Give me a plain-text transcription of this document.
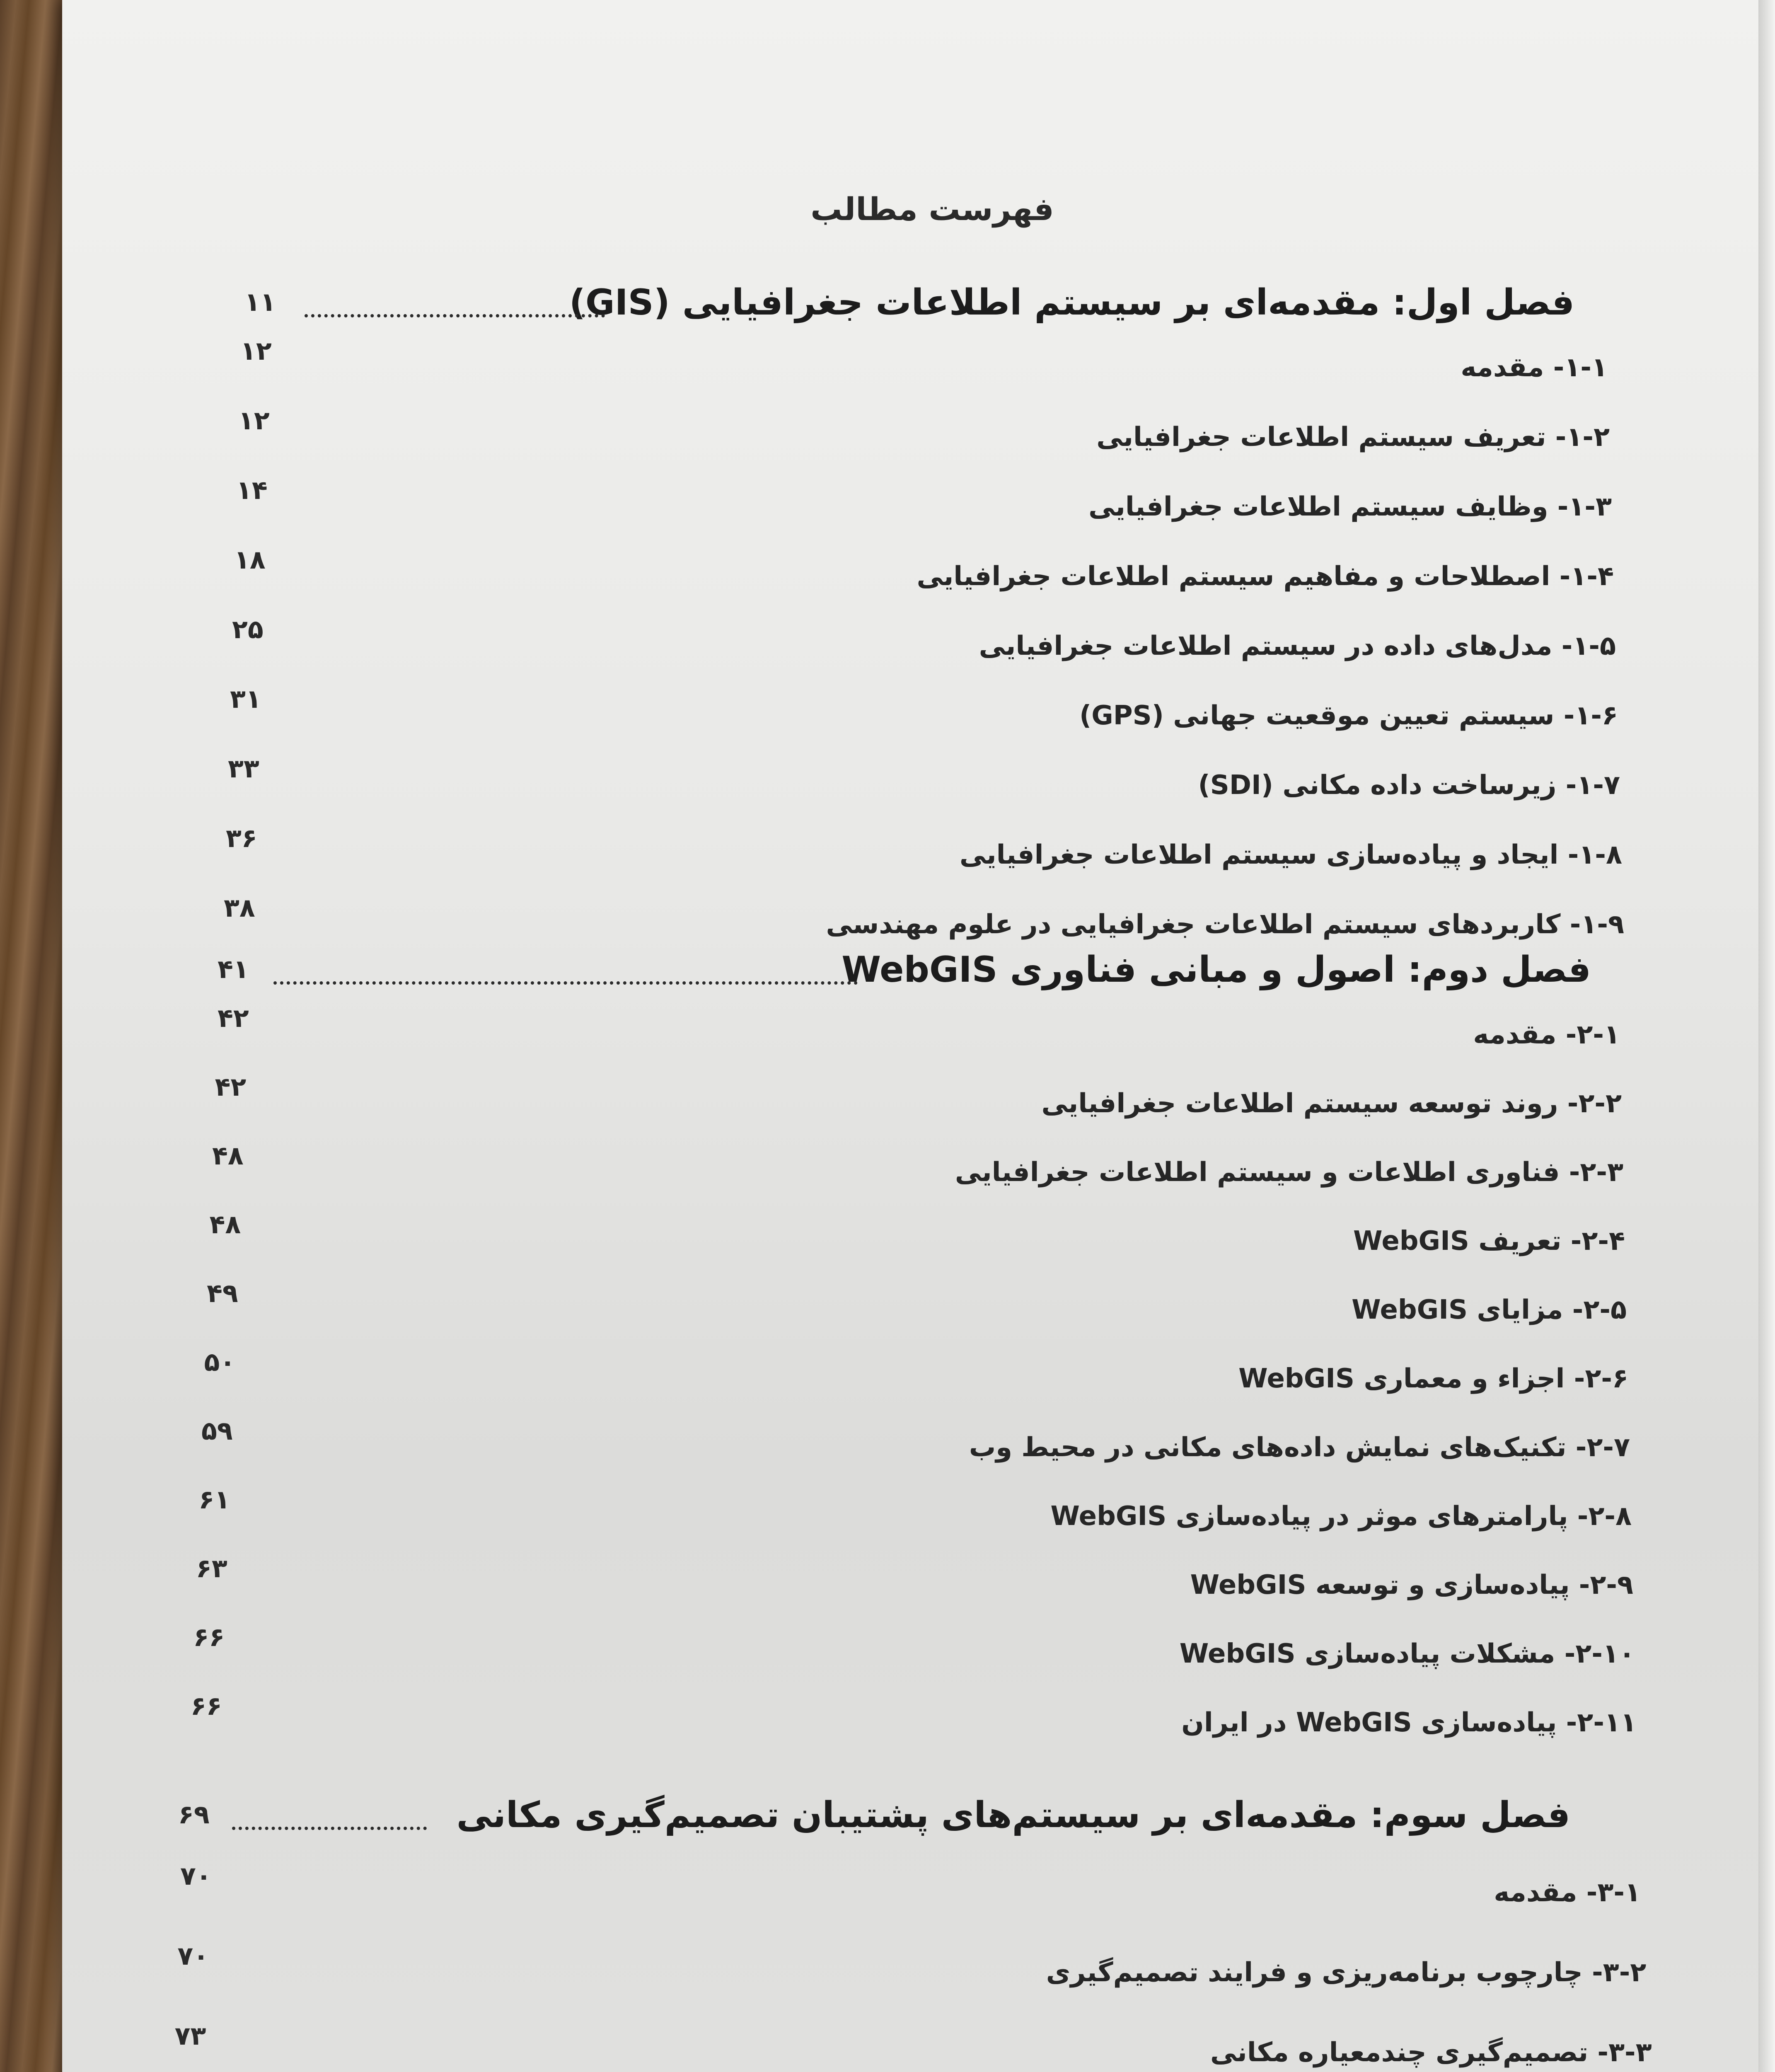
فهرست مطالب
فصل اول: مقدمه‌ای بر سیستم اطلاعات جغرافیایی (GIS)
۱۱
۱-۱- مقدمه
۱۲
۱-۲- تعریف سیستم اطلاعات جغرافیایی
۱۲
۱-۳- وظایف سیستم اطلاعات جغرافیایی
۱۴
۱-۴- اصطلاحات و مفاهیم سیستم اطلاعات جغرافیایی
۱۸
۱-۵- مدل‌های داده در سیستم اطلاعات جغرافیایی
۲۵
۱-۶- سیستم تعیین موقعیت جهانی (GPS)
۳۱
۱-۷- زیرساخت داده مکانی (SDI)
۳۳
۱-۸- ایجاد و پیاده‌سازی سیستم اطلاعات جغرافیایی
۳۶
۱-۹- کاربردهای سیستم اطلاعات جغرافیایی در علوم مهندسی
۳۸
فصل دوم: اصول و مبانی فناوری WebGIS
۴۱
۲-۱- مقدمه
۴۲
۲-۲- روند توسعه سیستم اطلاعات جغرافیایی
۴۲
۲-۳- فناوری اطلاعات و سیستم اطلاعات جغرافیایی
۴۸
۲-۴- تعریف WebGIS
۴۸
۲-۵- مزایای WebGIS
۴۹
۲-۶- اجزاء و معماری WebGIS
۵۰
۲-۷- تکنیک‌های نمایش داده‌های مکانی در محیط وب
۵۹
۲-۸- پارامترهای موثر در پیاده‌سازی WebGIS
۶۱
۲-۹- پیاده‌سازی و توسعه WebGIS
۶۳
۲-۱۰- مشکلات پیاده‌سازی WebGIS
۶۶
۲-۱۱- پیاده‌سازی WebGIS در ایران
۶۶
فصل سوم: مقدمه‌ای بر سیستم‌های پشتیبان تصمیم‌گیری مکانی
۶۹
۳-۱- مقدمه
۷۰
۳-۲- چارچوب برنامه‌ریزی و فرایند تصمیم‌گیری
۷۰
۳-۳- تصمیم‌گیری چندمعیاره مکانی
۷۳
